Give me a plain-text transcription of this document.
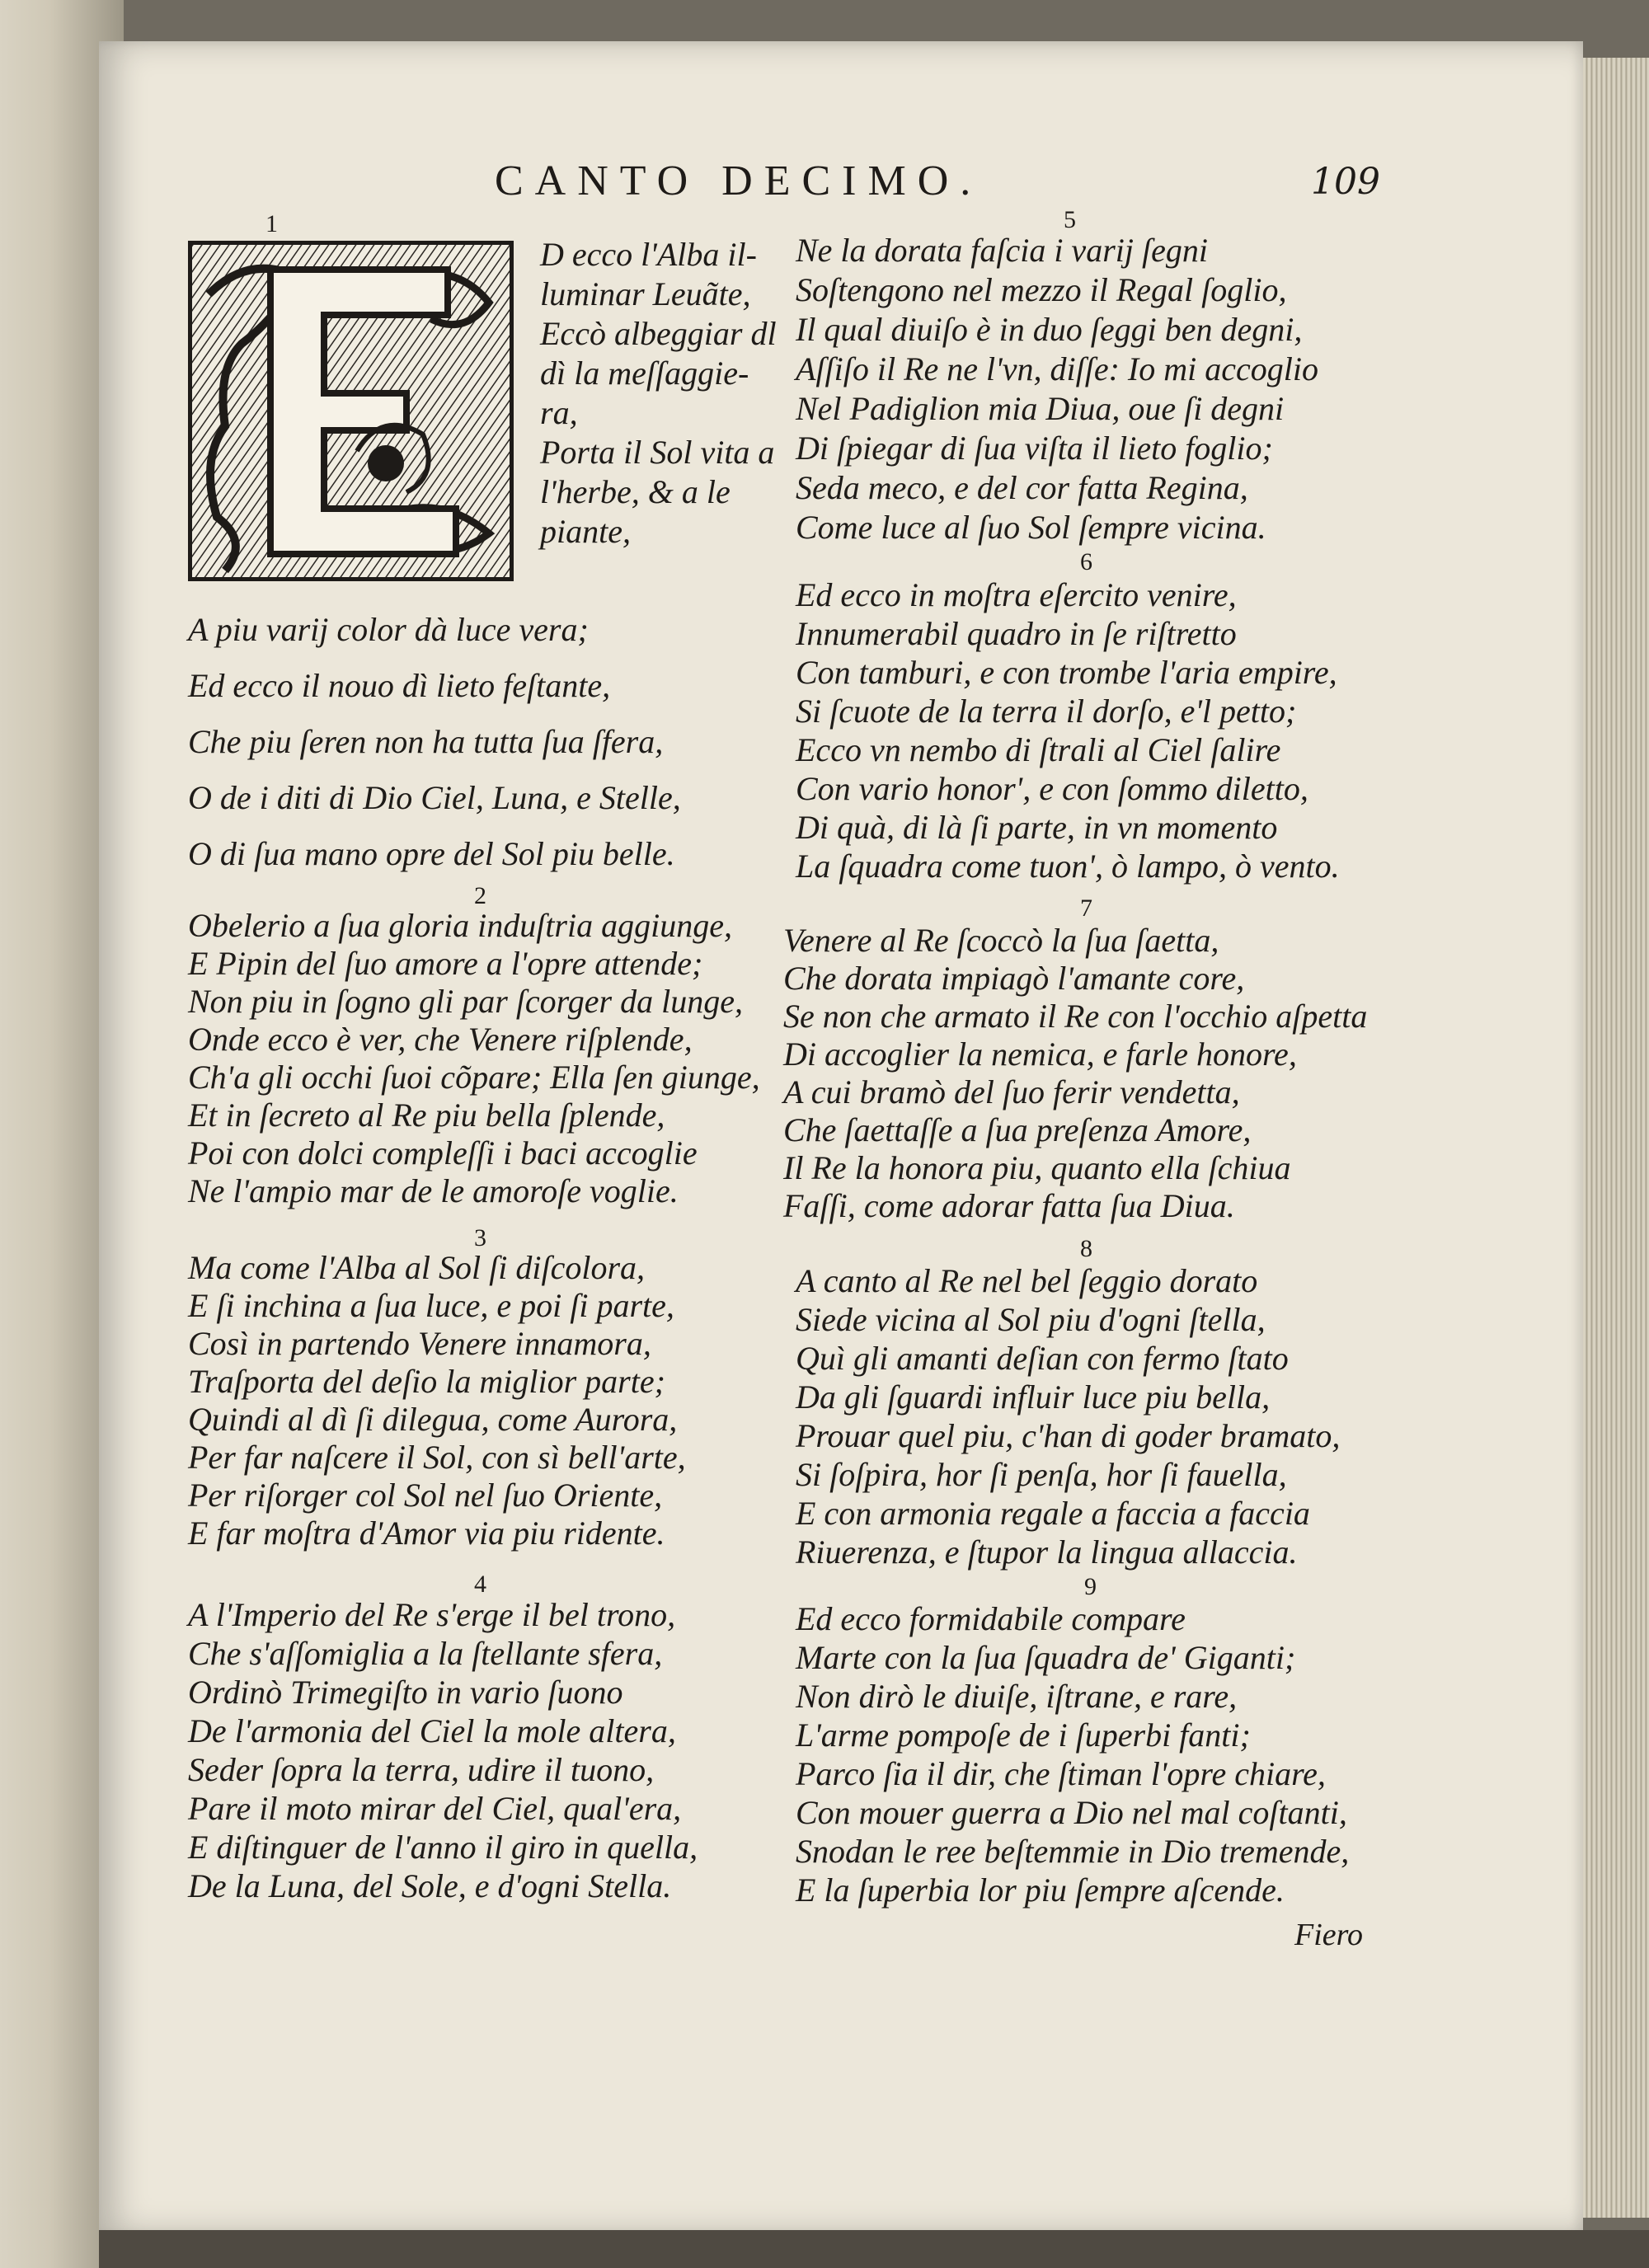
CANTO DECIMO.	109
1
D ecco l'Alba il-
luminar Leuãte,
Eccò albeggiar dl
dì la meſſaggie-
ra,
Porta il Sol vita a
l'herbe, & a le
piante,
A piu varij color dà luce vera;
Ed ecco il nouo dì lieto feſtante,
Che piu ſeren non ha tutta ſua ſfera,
O de i diti di Dio Ciel, Luna, e Stelle,
O di ſua mano opre del Sol piu belle.
2
Obelerio a ſua gloria induſtria aggiunge,
E Pipin del ſuo amore a l'opre attende;
Non piu in ſogno gli par ſcorger da lunge,
Onde ecco è ver, che Venere riſplende,
Ch'a gli occhi ſuoi cõpare; Ella ſen giunge,
Et in ſecreto al Re piu bella ſplende,
Poi con dolci compleſſi i baci accoglie
Ne l'ampio mar de le amoroſe voglie.
3
Ma come l'Alba al Sol ſi diſcolora,
E ſi inchina a ſua luce, e poi ſi parte,
Così in partendo Venere innamora,
Traſporta del deſio la miglior parte;
Quindi al dì ſi dilegua, come Aurora,
Per far naſcere il Sol, con sì bell'arte,
Per riſorger col Sol nel ſuo Oriente,
E far moſtra d'Amor via piu ridente.
4
A l'Imperio del Re s'erge il bel trono,
Che s'aſſomiglia a la ſtellante sfera,
Ordinò Trimegiſto in vario ſuono
De l'armonia del Ciel la mole altera,
Seder ſopra la terra, udire il tuono,
Pare il moto mirar del Ciel, qual'era,
E diſtinguer de l'anno il giro in quella,
De la Luna, del Sole, e d'ogni Stella.
5
Ne la dorata faſcia i varij ſegni
Soſtengono nel mezzo il Regal ſoglio,
Il qual diuiſo è in duo ſeggi ben degni,
Aſſiſo il Re ne l'vn, diſſe: Io mi accoglio
Nel Padiglion mia Diua, oue ſi degni
Di ſpiegar di ſua viſta il lieto foglio;
Seda meco, e del cor fatta Regina,
Come luce al ſuo Sol ſempre vicina.
6
Ed ecco in moſtra eſercito venire,
Innumerabil quadro in ſe riſtretto
Con tamburi, e con trombe l'aria empire,
Si ſcuote de la terra il dorſo, e'l petto;
Ecco vn nembo di ſtrali al Ciel ſalire
Con vario honor', e con ſommo diletto,
Di quà, di là ſi parte, in vn momento
La ſquadra come tuon', ò lampo, ò vento.
7
Venere al Re ſcoccò la ſua ſaetta,
Che dorata impiagò l'amante core,
Se non che armato il Re con l'occhio aſpetta
Di accoglier la nemica, e farle honore,
A cui bramò del ſuo ferir vendetta,
Che ſaettaſſe a ſua preſenza Amore,
Il Re la honora piu, quanto ella ſchiua
Faſſi, come adorar fatta ſua Diua.
8
A canto al Re nel bel ſeggio dorato
Siede vicina al Sol piu d'ogni ſtella,
Quì gli amanti deſian con fermo ſtato
Da gli ſguardi influir luce piu bella,
Prouar quel piu, c'han di goder bramato,
Si ſoſpira, hor ſi penſa, hor ſi fauella,
E con armonia regale a faccia a faccia
Riuerenza, e ſtupor la lingua allaccia.
9
Ed ecco formidabile compare
Marte con la ſua ſquadra de' Giganti;
Non dirò le diuiſe, iſtrane, e rare,
L'arme pompoſe de i ſuperbi fanti;
Parco ſia il dir, che ſtiman l'opre chiare,
Con mouer guerra a Dio nel mal coſtanti,
Snodan le ree beſtemmie in Dio tremende,
E la ſuperbia lor piu ſempre aſcende.
Fiero
